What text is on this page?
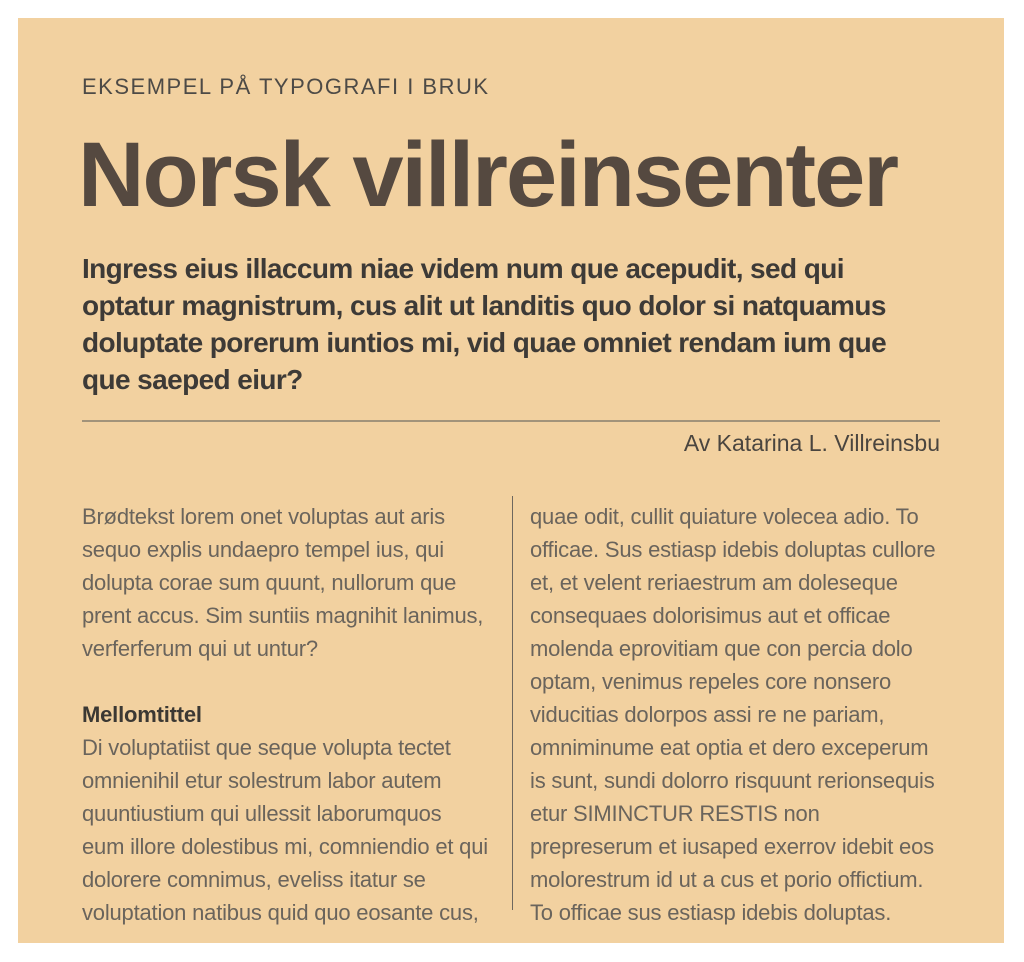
EKSEMPEL PÅ TYPOGRAFI I BRUK
Norsk villreinsenter

Ingress eius illaccum niae videm num que acepudit, sed qui optatur magnistrum, cus alit ut landitis quo dolor si natquamus doluptate porerum iuntios mi, vid quae omniet rendam ium que que saeped eiur?

Av Katarina L. Villreinsbu

Brødtekst lorem onet voluptas aut aris sequo explis undaepro tempel ius, qui dolupta corae sum quunt, nullorum que prent accus. Sim suntiis magnihit lanimus, verferferum qui ut untur?

Mellomtittel

Di voluptatiist que seque volupta tectet omnienihil etur solestrum labor autem quuntiustium qui ullessit laborumquos eum illore dolestibus mi, comniendio et qui dolorere comnimus, eveliss itatur se voluptation natibus quid quo eosante cus,

quae odit, cullit quiature volecea adio. To officae. Sus estiasp idebis doluptas cullore et, et velent reriaestrum am doleseque consequaes dolorisimus aut et officae molenda eprovitiam que con percia dolo optam, venimus repeles core nonsero viducitias dolorpos assi re ne pariam, omniminume eat optia et dero exceperum is sunt, sundi dolorro risquunt rerionsequis etur SIMINCTUR RESTIS non prepreserum et iusaped exerrov idebit eos molorestrum id ut a cus et porio offictium. To officae sus estiasp idebis doluptas.
